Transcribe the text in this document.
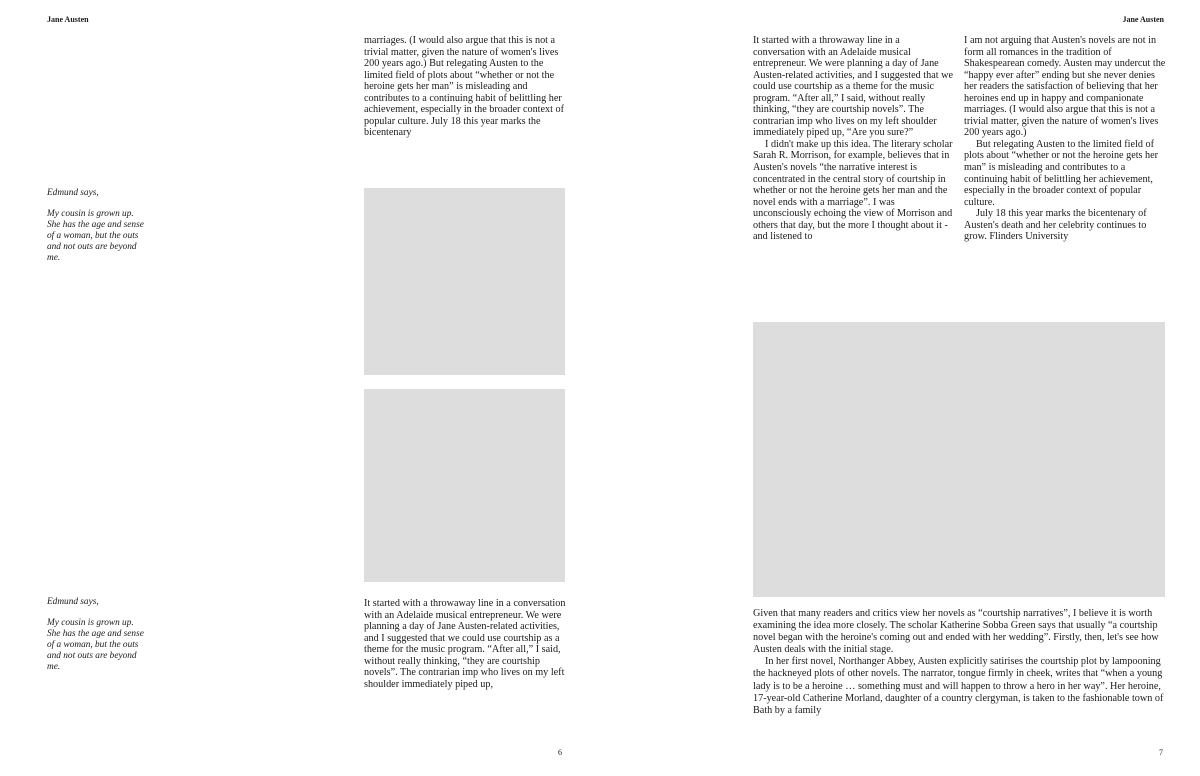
Jane Austen
marriages. (I would also argue that this is not a trivial matter, given the nature of women's lives 200 years ago.) But relegating Austen to the limited field of plots about “whether or not the heroine gets her man” is misleading and contributes to a continuing habit of belittling her achievement, especially in the broader context of popular culture. July 18 this year marks the bicentenary

Edmund says,

My cousin is grown up. She has the age and sense of a woman, but the outs and not outs are beyond me.

Edmund says,

My cousin is grown up. She has the age and sense of a woman, but the outs and not outs are beyond me.

It started with a throwaway line in a conversation
with an Adelaide musical entrepreneur. We were planning a day of Jane Austen-related activities, and I suggested that we could use courtship as a theme for the music program. “After all,” I said, without really thinking, “they are courtship novels”. The contrarian imp who lives on my left shoulder immediately piped up,
6
Jane Austen

It started with a throwaway line in a conversation with an Adelaide musical entrepreneur. We were planning a day of Jane Austen-related activities, and I suggested that we could use courtship as a theme for the music program. “After all,” I said, without really thinking, “they are courtship novels”. The contrarian imp who lives on my left shoulder immediately piped up, “Are you sure?”

I didn't make up this idea. The literary scholar Sarah R. Morrison, for example, believes that in Austen's novels “the narrative interest is concentrated in the central story of courtship in whether or not the heroine gets her man and the novel ends with a marriage”. I was unconsciously echoing the view of Morrison and others that day, but the more I thought about it - and listened to

I am not arguing that Austen's novels are not in form all romances in the tradition of Shakespearean comedy. Austen may undercut the “happy ever after” ending but she never denies her readers the satisfaction of believing that her heroines end up in happy and companionate marriages. (I would also argue that this is not a trivial matter, given the nature of women's lives 200 years ago.)

But relegating Austen to the limited field of plots about “whether or not the heroine gets her man” is misleading and contributes to a continuing habit of belittling her achievement, especially in the broader context of popular culture.

July 18 this year marks the bicentenary of Austen's death and her celebrity continues to grow. Flinders University

Given that many readers and critics view her novels as “courtship narratives”, I believe it is worth examining the idea more closely. The scholar Katherine Sobba Green says that usually “a courtship novel began with the heroine's coming out and ended with her wedding”. Firstly, then, let's see how Austen deals with the initial stage.

In her first novel, Northanger Abbey, Austen explicitly satirises the courtship plot by lampooning the hackneyed plots of other novels. The narrator, tongue firmly in cheek, writes that “when a young lady is to be a heroine … something must and will happen to throw a hero in her way”. Her heroine, 17-year-old Catherine Morland, daughter of a country clergyman, is taken to the fashionable town of Bath by a family

7
